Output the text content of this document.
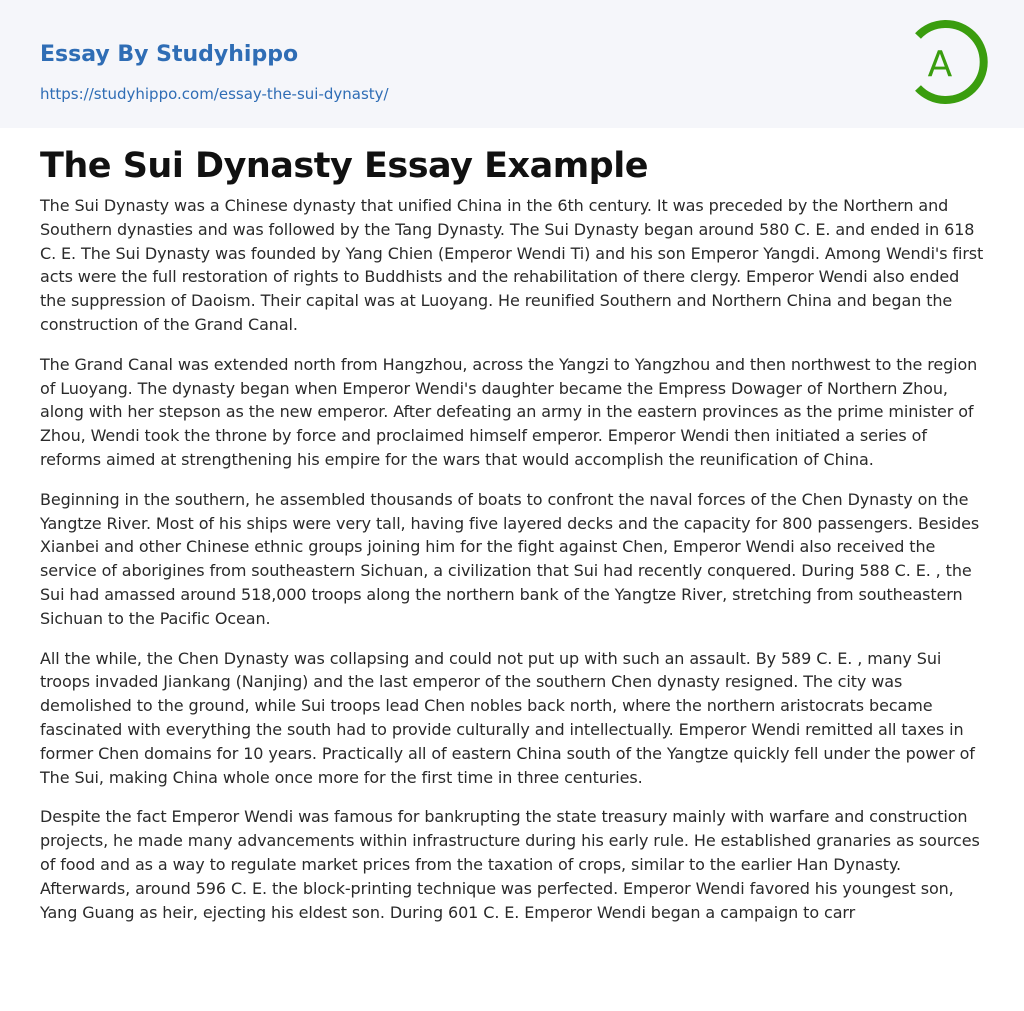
Essay By Studyhippo
https://studyhippo.com/essay-the-sui-dynasty/
A
The Sui Dynasty Essay Example

The Sui Dynasty was a Chinese dynasty that unified China in the 6th century. It was preceded by the Northern and Southern dynasties and was followed by the Tang Dynasty. The Sui Dynasty began around 580 C. E. and ended in 618 C. E. The Sui Dynasty was founded by Yang Chien (Emperor Wendi Ti) and his son Emperor Yangdi. Among Wendi's first acts were the full restoration of rights to Buddhists and the rehabilitation of there clergy. Emperor Wendi also ended the suppression of Daoism. Their capital was at Luoyang. He reunified Southern and Northern China and began the construction of the Grand Canal.

The Grand Canal was extended north from Hangzhou, across the Yangzi to Yangzhou and then northwest to the region of Luoyang. The dynasty began when Emperor Wendi's daughter became the Empress Dowager of Northern Zhou, along with her stepson as the new emperor. After defeating an army in the eastern provinces as the prime minister of Zhou, Wendi took the throne by force and proclaimed himself emperor. Emperor Wendi then initiated a series of reforms aimed at strengthening his empire for the wars that would accomplish the reunification of China.

Beginning in the southern, he assembled thousands of boats to confront the naval forces of the Chen Dynasty on the Yangtze River. Most of his ships were very tall, having five layered decks and the capacity for 800 passengers. Besides Xianbei and other Chinese ethnic groups joining him for the fight against Chen, Emperor Wendi also received the service of aborigines from southeastern Sichuan, a civilization that Sui had recently conquered. During 588 C. E. , the Sui had amassed around 518,000 troops along the northern bank of the Yangtze River, stretching from southeastern Sichuan to the Pacific Ocean.

All the while, the Chen Dynasty was collapsing and could not put up with such an assault. By 589 C. E. , many Sui troops invaded Jiankang (Nanjing) and the last emperor of the southern Chen dynasty resigned. The city was demolished to the ground, while Sui troops lead Chen nobles back north, where the northern aristocrats became fascinated with everything the south had to provide culturally and intellectually. Emperor Wendi remitted all taxes in former Chen domains for 10 years. Practically all of eastern China south of the Yangtze quickly fell under the power of The Sui, making China whole once more for the first time in three centuries.

Despite the fact Emperor Wendi was famous for bankrupting the state treasury mainly with warfare and construction projects, he made many advancements within infrastructure during his early rule. He established granaries as sources of food and as a way to regulate market prices from the taxation of crops, similar to the earlier Han Dynasty. Afterwards, around 596 C. E. the block-printing technique was perfected. Emperor Wendi favored his youngest son, Yang Guang as heir, ejecting his eldest son. During 601 C. E. Emperor Wendi began a campaign to carr
